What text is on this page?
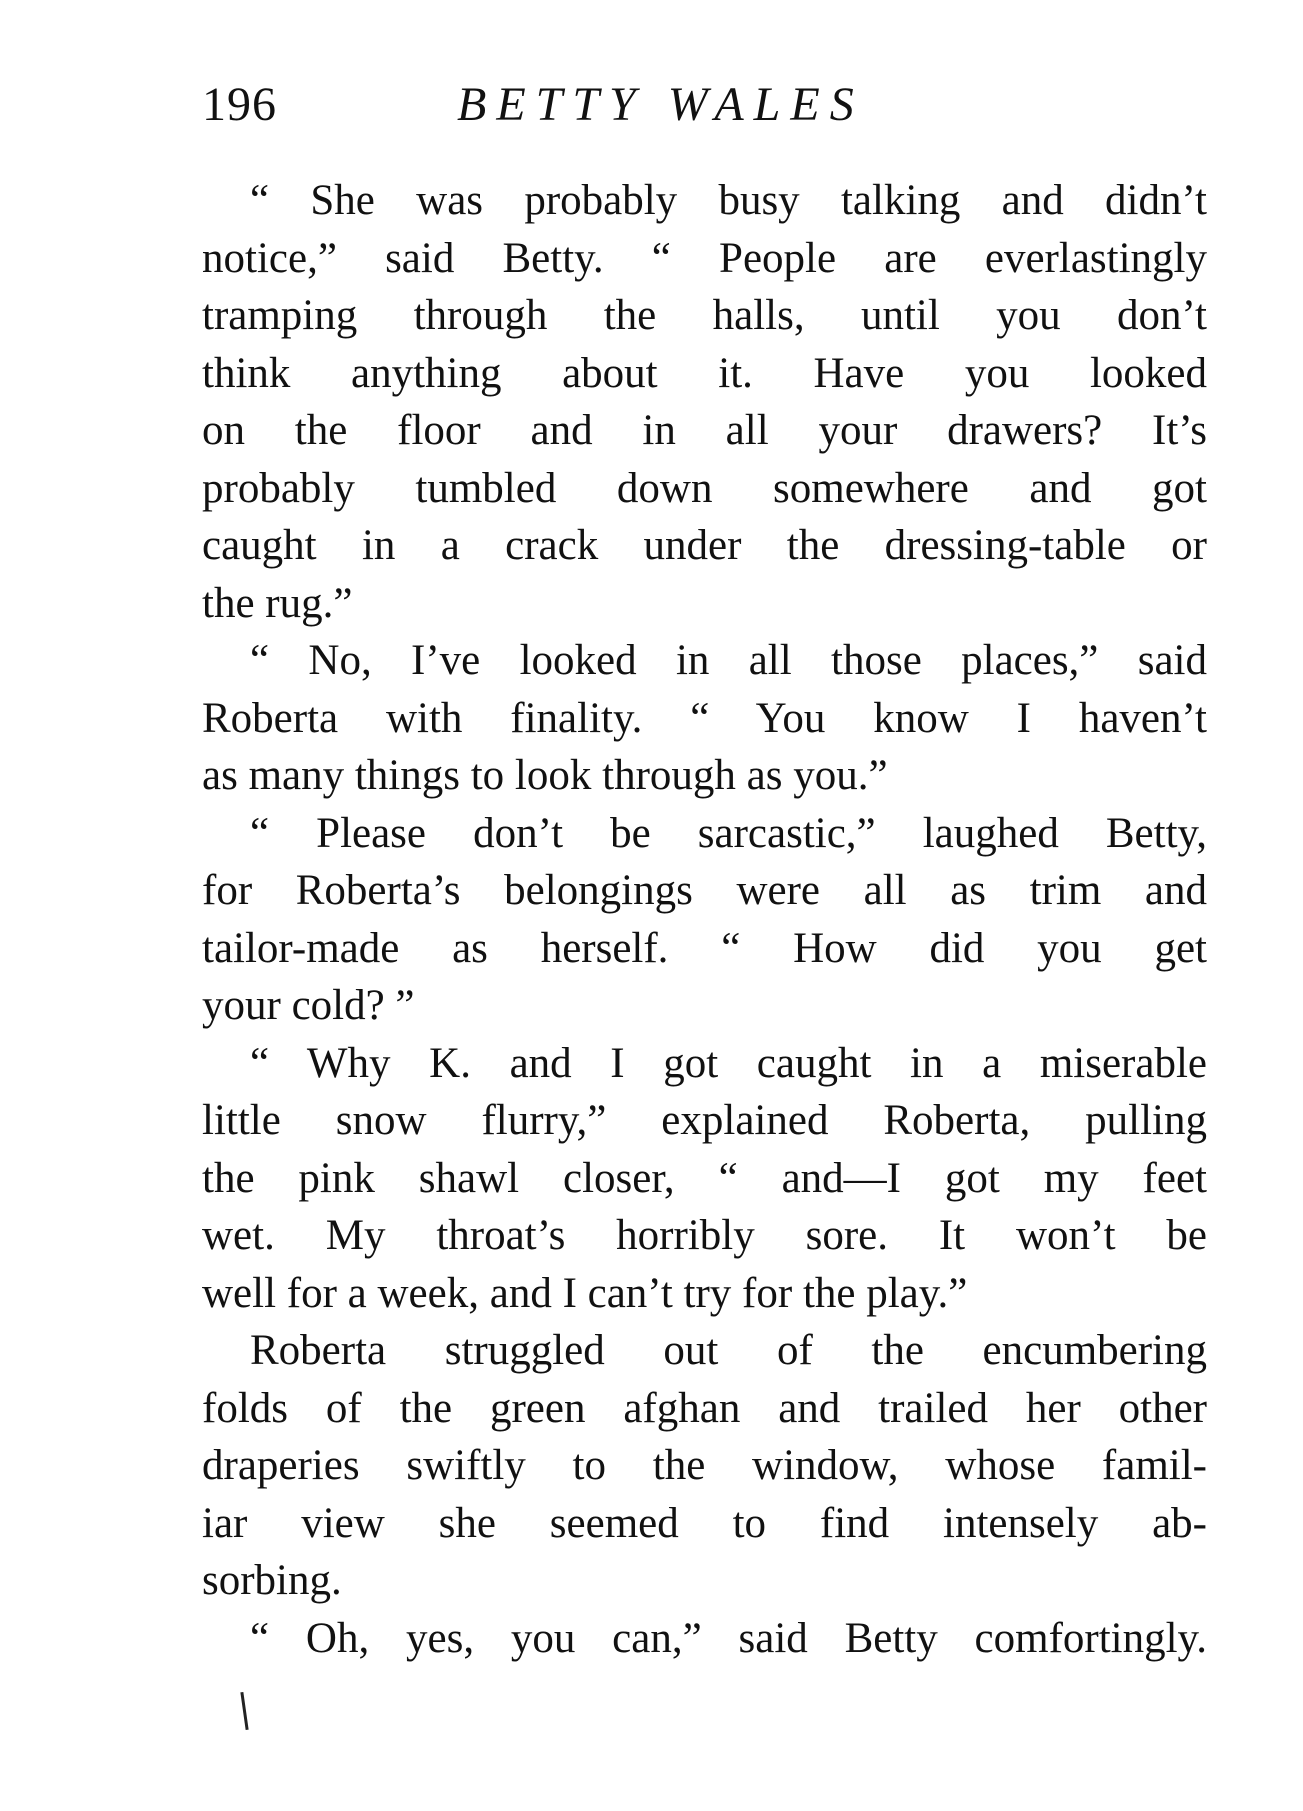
196	BETTY WALES
“ She was probably busy talking and didn’t
notice,” said Betty. “ People are everlastingly
tramping through the halls, until you don’t
think anything about it. Have you looked
on the floor and in all your drawers? It’s
probably tumbled down somewhere and got
caught in a crack under the dressing-table or
the rug.”
“ No, I’ve looked in all those places,” said
Roberta with finality. “ You know I haven’t
as many things to look through as you.”
“ Please don’t be sarcastic,” laughed Betty,
for Roberta’s belongings were all as trim and
tailor-made as herself. “ How did you get
your cold? ”
“ Why K. and I got caught in a miserable
little snow flurry,” explained Roberta, pulling
the pink shawl closer, “ and—I got my feet
wet. My throat’s horribly sore. It won’t be
well for a week, and I can’t try for the play.”
Roberta struggled out of the encumbering
folds of the green afghan and trailed her other
draperies swiftly to the window, whose famil-
iar view she seemed to find intensely ab-
sorbing.
“ Oh, yes, you can,” said Betty comfortingly.
